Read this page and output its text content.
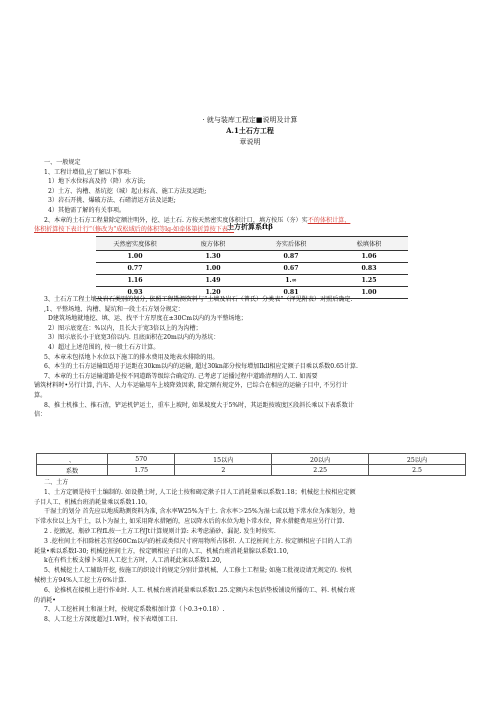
· 就与装库工程定■说明及计算
A.1土石方工程
章说明

一、一般规定

1、工程计增值,应了解以下事项:

1）地下水位标高及持（降）水方法;

2）土方、沟槽、基坑挖（城）起止标高、施工方法及运距;

3）岩石开挑、爆破方法、石碴清运方法及运距;

4）其他需了解的有关事项。

2、本章的土石方工程量除定额注明外，挖、运土石. 方按天然密实度体积计口，填方按压（夯）实不的体积计算，

体积折算按下表计行“（修改为“成松域后的体积等lg-如牵体第折算按下表：”

土方折算系ftβ
天然密实度体积	废方体积	夯实后体积	松填体积
1.00	1.30	0.87	1.06
0.77	1.00	0.67	0.83
1.16	1.49	1.∞	1.25
0.93	1.20	0.81	1.00

3、土石方工程土壤及岩石类别的划分, 依照工程勘测资料与“土墙及岩石（普氏）分类表”（泽见附表）对照后确定.

,1、平整场地、沟槽、疑坑和一段土石方划分规定：

D建筑场地就地挖、填、运、找平十方厚度在±30Cm以内的为平整场地；

2）图示底宽在：%以内，且长大于宽3倍以上的为沟槽；

3）图示底长小于底宽3倍以内. 且底面积在20m以内的为基坑：

4）超过上述范围的, 按一般土石方计算。

5、本章未包括地卜水位以下施工的排水费用及地表水排除的用。

6、本生的土石方运输Il适用于运距在30km以内的运输, 超过30kn部分按每增加Ikll相应定额子目乘以系数0.65计算.

7、本章的土石方运输道路是按不同道路等级综合确定的. 己考虑了运播过程中道路清理的人工. 如需要

铺筑材料时•另行计算, 汽车、人力车运输用车上坡降效因素, 除定额有规定外，已综合在相应的运输子目中, 不另行计

算。

8、推土机推土、推石渣，铲运机铲运土，重车上坡时, 如果坡度大于5%时，其运距按坡度区段斜长乘以下表系数计

信：

、	570	15以内	20以内	25以内
系数	1.75	2	2.25	2.5

二、土方

1、土方定额是按干土编制的. 如设攒土时, 人工论土按和碣定漱子目人工消耗量乘以系数1.18；机械挖土按相应定额

子目人工、机械台班消耗量乘以系数1.10。

干湿土的划分 首先应以地质勘测资料为准, 含水率W25%为干土. 含水率＞25%为湿七或以地下常水位为准划分，地

下常水位以上为干土，以卜为湿土, 如采用降水措陋的，应以降水后的水位为地卜常水位，降水措艇费用应另行计算.

2 . 挖掀泥、瓶砂工程fL按一土方工程Jt计算规则计算: 未考虑涌砂、漏泥. 发生时按实.

3 .挖柱间土不扣除桩芯宜径60Cm以内的桩或类似尺寸府用物所占体积. 人工挖桩间土方. 按定额相应子目的人工消

耗量•乘以系数I-30; 机械挖桩间土方，按定额相应子目的人工、机械台班消耗量腺以系数1.10,

k在有档土板支撑卜采用人工挖土方时，人工消耗此案以系数1.20,

5、机械挖土人工辅助开挖, 按施工的织设计的规定分别计算机械、人工修土工程量; 如施工批视设请无规定的. 按机

械榜土方94%人工挖土方6%计算.

6、论推机在接根上进行作业时. 人工. 机械台班消耗量乘以系数1.25.定额内未包括垫板铺设所播的工、料. 机械台班

的消耗•

7、人工挖桩间土和湿土时，按规定系数相加计算（卜0.3+0.18）.

8、人工挖土方深度超过1.W时，按下表增加工日.
